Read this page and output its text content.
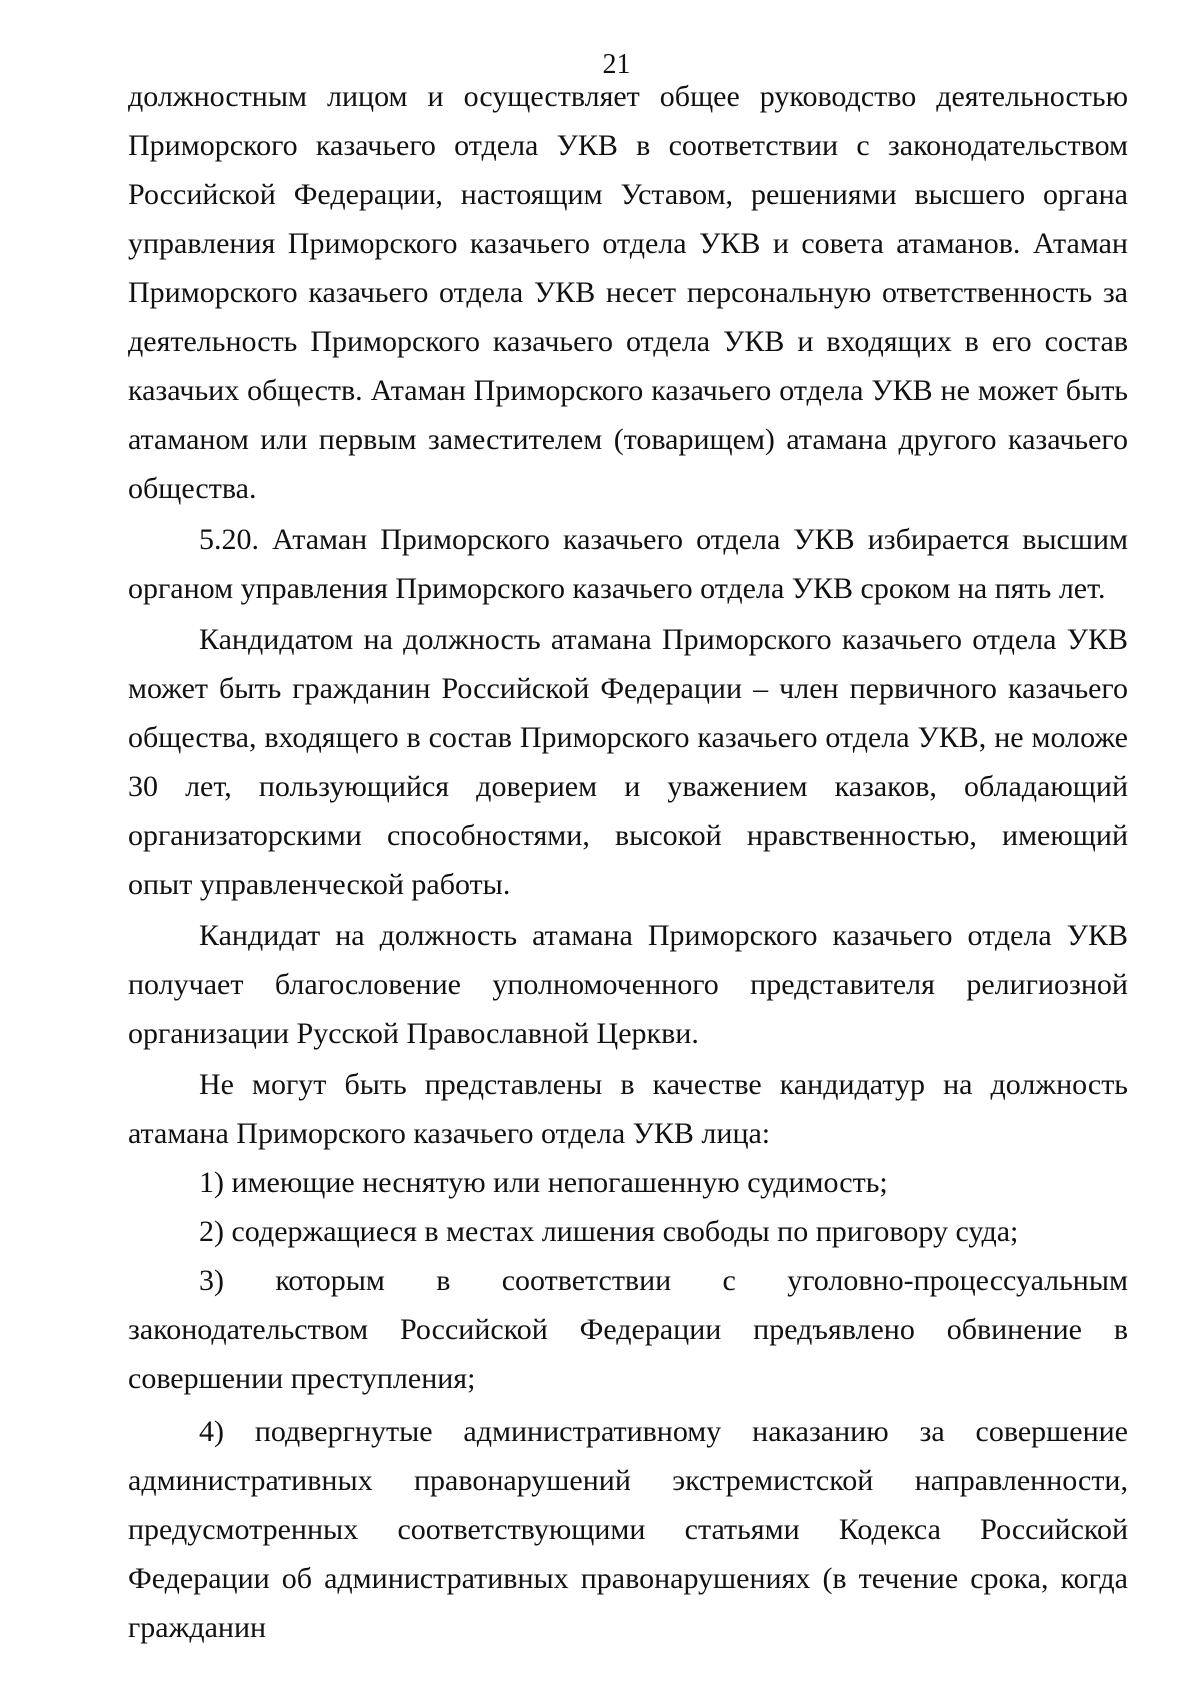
21

должностным лицом и осуществляет общее руководство деятельностью Приморского казачьего отдела УКВ в соответствии с законодательством Российской Федерации, настоящим Уставом, решениями высшего органа управления Приморского казачьего отдела УКВ и совета атаманов. Атаман Приморского казачьего отдела УКВ несет персональную ответственность за деятельность Приморского казачьего отдела УКВ и входящих в его состав казачьих обществ. Атаман Приморского казачьего отдела УКВ не может быть атаманом или первым заместителем (товарищем) атамана другого казачьего общества.

5.20. Атаман Приморского казачьего отдела УКВ избирается высшим органом управления Приморского казачьего отдела УКВ сроком на пять лет.

Кандидатом на должность атамана Приморского казачьего отдела УКВ может быть гражданин Российской Федерации – член первичного казачьего общества, входящего в состав Приморского казачьего отдела УКВ, не моложе 30 лет, пользующийся доверием и уважением казаков, обладающий организаторскими способностями, высокой нравственностью, имеющий опыт управленческой работы.

Кандидат на должность атамана Приморского казачьего отдела УКВ получает благословение уполномоченного представителя религиозной организации Русской Православной Церкви.

Не могут быть представлены в качестве кандидатур на должность атамана Приморского казачьего отдела УКВ лица:

1) имеющие неснятую или непогашенную судимость;

2) содержащиеся в местах лишения свободы по приговору суда;

3) которым в соответствии с уголовно-процессуальным законодательством Российской Федерации предъявлено обвинение в совершении преступления;

4) подвергнутые административному наказанию за совершение административных правонарушений экстремистской направленности, предусмотренных соответствующими статьями Кодекса Российской Федерации об административных правонарушениях (в течение срока, когда гражданин
